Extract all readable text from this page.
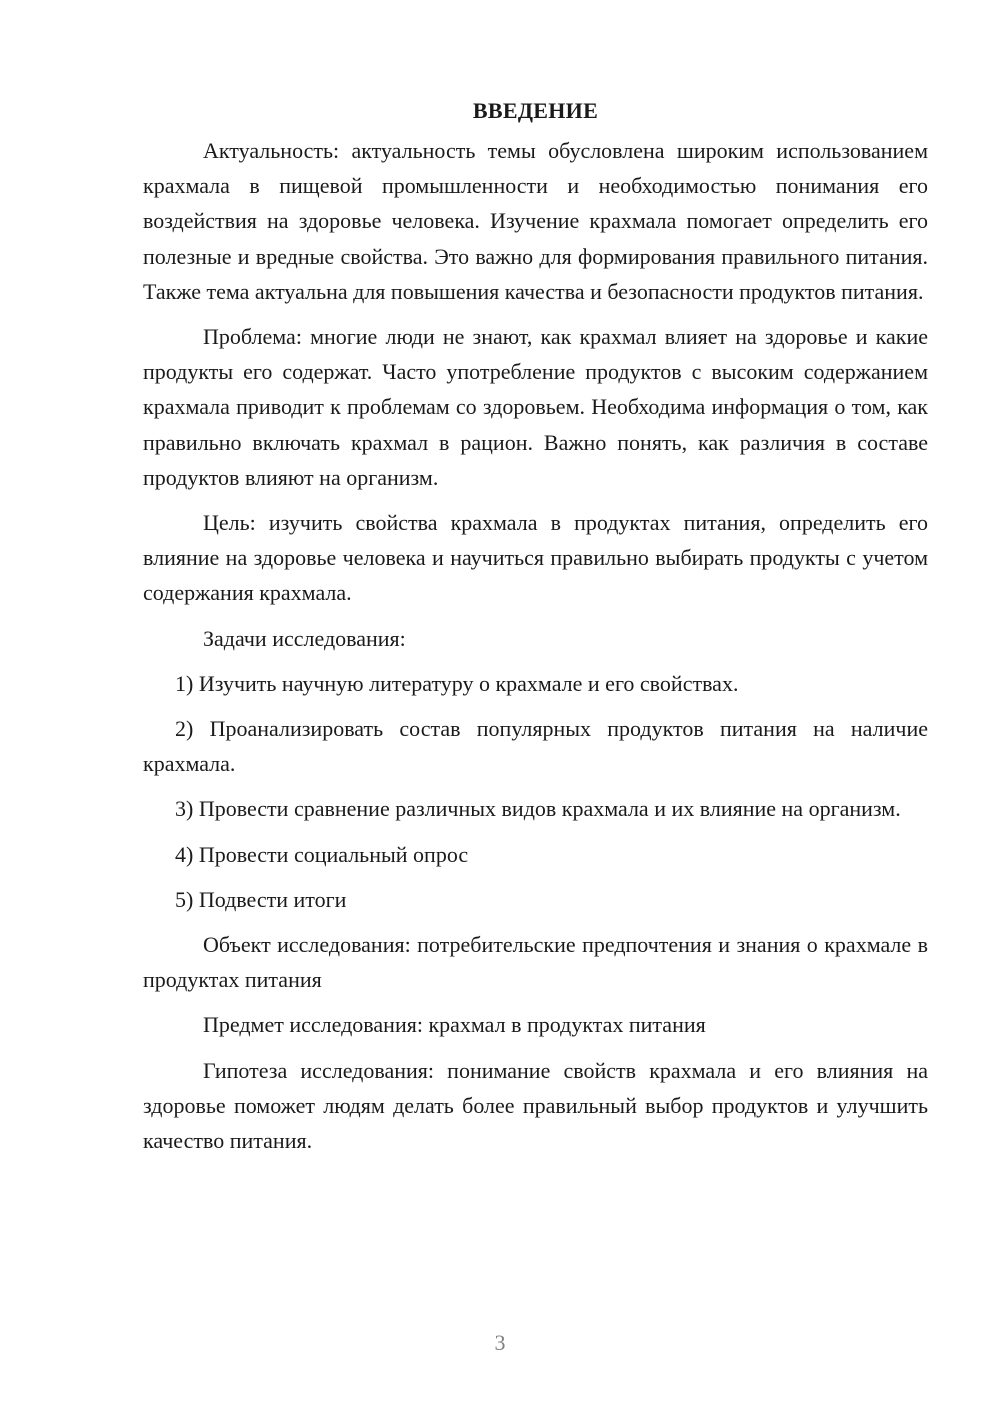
ВВЕДЕНИЕ

Актуальность: актуальность темы обусловлена широким использованием крахмала в пищевой промышленности и необходимостью понимания его воздействия на здоровье человека. Изучение крахмала помогает определить его полезные и вредные свойства. Это важно для формирования правильного питания. Также тема актуальна для повышения качества и безопасности продуктов питания.

Проблема: многие люди не знают, как крахмал влияет на здоровье и какие продукты его содержат. Часто употребление продуктов с высоким содержанием крахмала приводит к проблемам со здоровьем. Необходима информация о том, как правильно включать крахмал в рацион. Важно понять, как различия в составе продуктов влияют на организм.

Цель: изучить свойства крахмала в продуктах питания, определить его влияние на здоровье человека и научиться правильно выбирать продукты с учетом содержания крахмала.

Задачи исследования:

1) Изучить научную литературу о крахмале и его свойствах.

2) Проанализировать состав популярных продуктов питания на наличие крахмала.

3) Провести сравнение различных видов крахмала и их влияние на организм.

4) Провести социальный опрос

5) Подвести итоги

Объект исследования: потребительские предпочтения и знания о крахмале в продуктах питания

Предмет исследования: крахмал в продуктах питания

Гипотеза исследования: понимание свойств крахмала и его влияния на здоровье поможет людям делать более правильный выбор продуктов и улучшить качество питания.

3
